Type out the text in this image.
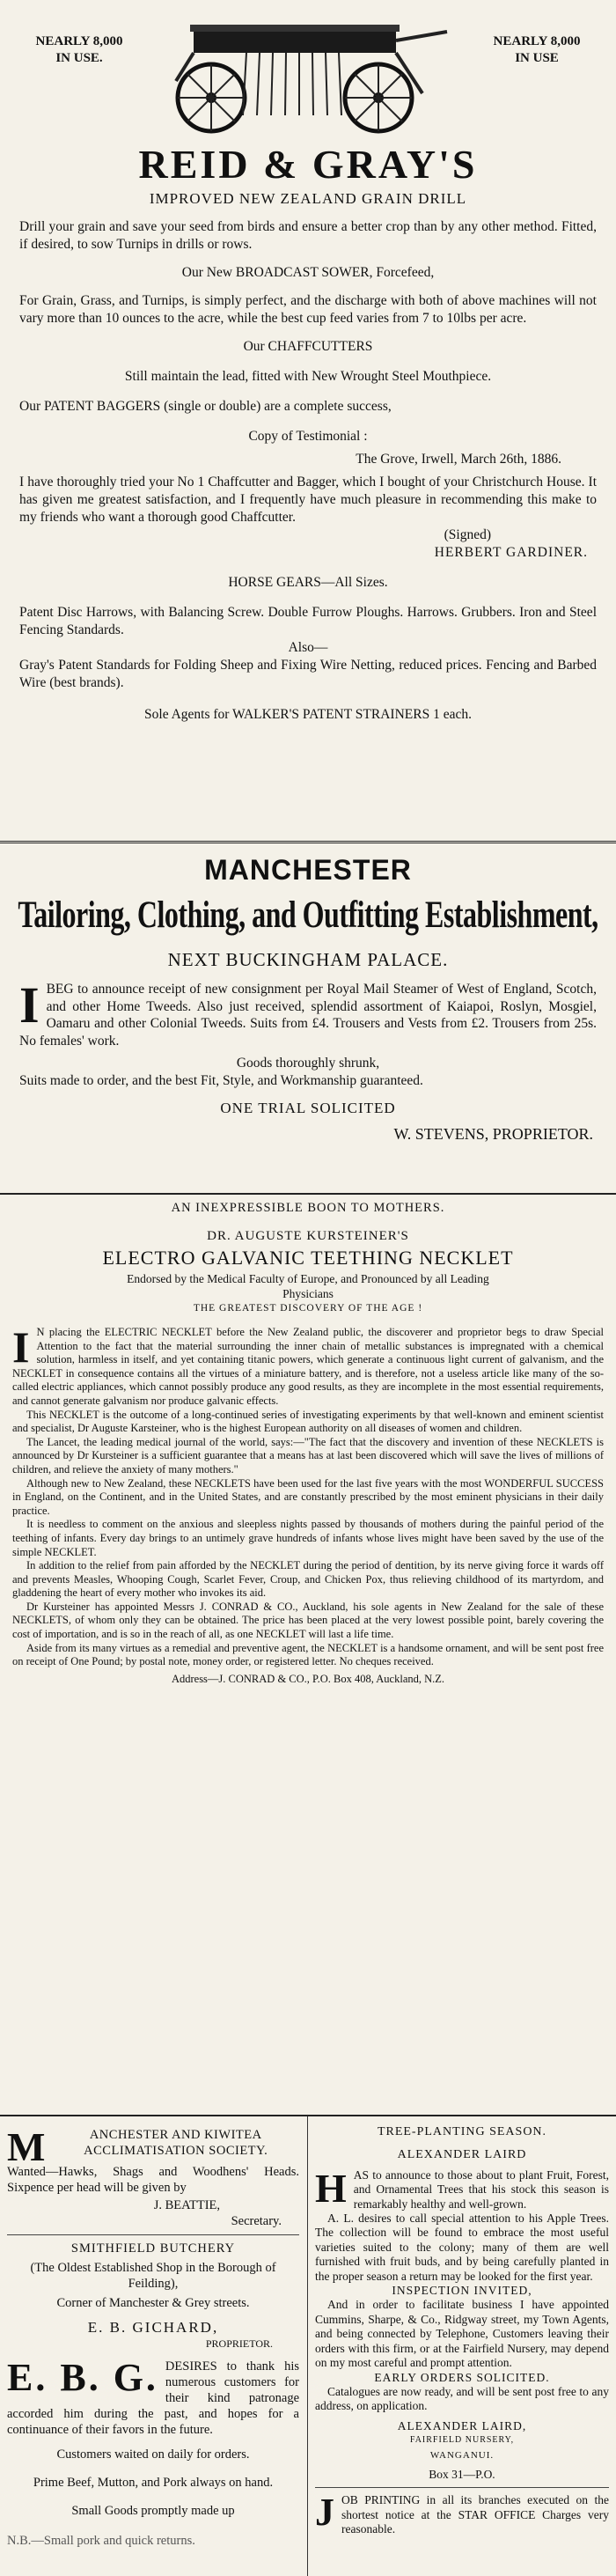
NEARLY 8,000
IN USE.
NEARLY 8,000
IN USE
REID & GRAY'S
IMPROVED NEW ZEALAND GRAIN DRILL

Drill your grain and save your seed from birds and ensure a better crop than by any other method. Fitted, if desired, to sow Turnips in drills or rows.

Our New BROADCAST SOWER, Forcefeed,

For Grain, Grass, and Turnips, is simply perfect, and the discharge with both of above machines will not vary more than 10 ounces to the acre, while the best cup feed varies from 7 to 10lbs per acre.

Our CHAFFCUTTERS

Still maintain the lead, fitted with New Wrought Steel Mouthpiece.

Our PATENT BAGGERS (single or double) are a complete success,

Copy of Testimonial :

The Grove, Irwell, March 26th, 1886.

I have thoroughly tried your No 1 Chaffcutter and Bagger, which I bought of your Christchurch House. It has given me greatest satisfaction, and I frequently have much pleasure in recommending this make to my friends who want a thorough good Chaffcutter.

(Signed)

HERBERT GARDINER.

HORSE GEARS—All Sizes.

Patent Disc Harrows, with Balancing Screw. Double Furrow Ploughs. Harrows. Grubbers. Iron and Steel Fencing Standards.

Also—

Gray's Patent Standards for Folding Sheep and Fixing Wire Netting, reduced prices. Fencing and Barbed Wire (best brands).

Sole Agents for WALKER'S PATENT STRAINERS 1 each.

MANCHESTER
Tailoring, Clothing, and Outfitting Establishment,
NEXT BUCKINGHAM PALACE.
I BEG to announce receipt of new consignment per Royal Mail Steamer of West of England, Scotch, and other Home Tweeds. Also just received, splendid assortment of Kaiapoi, Roslyn, Mosgiel, Oamaru and other Colonial Tweeds. Suits from £4. Trousers and Vests from £2. Trousers from 25s. No females' work.

Goods thoroughly shrunk,

Suits made to order, and the best Fit, Style, and Workmanship guaranteed.

ONE TRIAL SOLICITED

W. STEVENS, PROPRIETOR.

AN INEXPRESSIBLE BOON TO MOTHERS.
DR. AUGUSTE KURSTEINER'S
ELECTRO GALVANIC TEETHING NECKLET
Endorsed by the Medical Faculty of Europe, and Pronounced by all Leading Physicians
THE GREATEST DISCOVERY OF THE AGE !
I N placing the ELECTRIC NECKLET before the New Zealand public, the discoverer and proprietor begs to draw Special Attention to the fact that the material surrounding the inner chain of metallic substances is impregnated with a chemical solution, harmless in itself, and yet containing titanic powers, which generate a continuous light current of galvanism, and the NECKLET in consequence contains all the virtues of a miniature battery, and is therefore, not a useless article like many of the so-called electric appliances, which cannot possibly produce any good results, as they are incomplete in the most essential requirements, and cannot generate galvanism nor produce galvanic effects.

This NECKLET is the outcome of a long-continued series of investigating experiments by that well-known and eminent scientist and specialist, Dr Auguste Karsteiner, who is the highest European authority on all diseases of women and children.

The Lancet, the leading medical journal of the world, says:—"The fact that the discovery and invention of these NECKLETS is announced by Dr Kursteiner is a sufficient guarantee that a means has at last been discovered which will save the lives of millions of children, and relieve the anxiety of many mothers."

Although new to New Zealand, these NECKLETS have been used for the last five years with the most WONDERFUL SUCCESS in England, on the Continent, and in the United States, and are constantly prescribed by the most eminent physicians in their daily practice.

It is needless to comment on the anxious and sleepless nights passed by thousands of mothers during the painful period of the teething of infants. Every day brings to an untimely grave hundreds of infants whose lives might have been saved by the use of the simple NECKLET.

In addition to the relief from pain afforded by the NECKLET during the period of dentition, by its nerve giving force it wards off and prevents Measles, Whooping Cough, Scarlet Fever, Croup, and Chicken Pox, thus relieving childhood of its martyrdom, and gladdening the heart of every mother who invokes its aid.

Dr Kursteiner has appointed Messrs J. CONRAD & CO., Auckland, his sole agents in New Zealand for the sale of these NECKLETS, of whom only they can be obtained. The price has been placed at the very lowest possible point, barely covering the cost of importation, and is so in the reach of all, as one NECKLET will last a life time.

Aside from its many virtues as a remedial and preventive agent, the NECKLET is a handsome ornament, and will be sent post free on receipt of One Pound; by postal note, money order, or registered letter. No cheques received.

Address—J. CONRAD & CO., P.O. Box 408, Auckland, N.Z.

M	ANCHESTER AND KIWITEA ACCLIMATISATION SOCIETY.

Wanted—Hawks, Shags and Woodhens' Heads. Sixpence per head will be given by

J. BEATTIE,

Secretary.

SMITHFIELD BUTCHERY

(The Oldest Established Shop in the Borough of Feilding),

Corner of Manchester & Grey streets.

E. B. GICHARD,

PROPRIETOR.

E. B. G. DESIRES to thank his numerous customers for their kind patronage accorded him during the past, and hopes for a continuance of their favors in the future.

Customers waited on daily for orders.

Prime Beef, Mutton, and Pork always on hand.

Small Goods promptly made up

N.B.—Small pork and quick returns.

TREE-PLANTING SEASON.

ALEXANDER LAIRD

H AS to announce to those about to plant Fruit, Forest, and Ornamental Trees that his stock this season is remarkably healthy and well-grown.

A. L. desires to call special attention to his Apple Trees. The collection will be found to embrace the most useful varieties suited to the colony; many of them are well furnished with fruit buds, and by being carefully planted in the proper season a return may be looked for the first year.

INSPECTION INVITED,

And in order to facilitate business I have appointed Cummins, Sharpe, & Co., Ridgway street, my Town Agents, and being connected by Telephone, Customers leaving their orders with this firm, or at the Fairfield Nursery, may depend on my most careful and prompt attention.

EARLY ORDERS SOLICITED.

Catalogues are now ready, and will be sent post free to any address, on application.

ALEXANDER LAIRD,

FAIRFIELD NURSERY,

WANGANUI.

Box 31—P.O.

J OB PRINTING in all its branches executed on the shortest notice at the STAR OFFICE Charges very reasonable.
